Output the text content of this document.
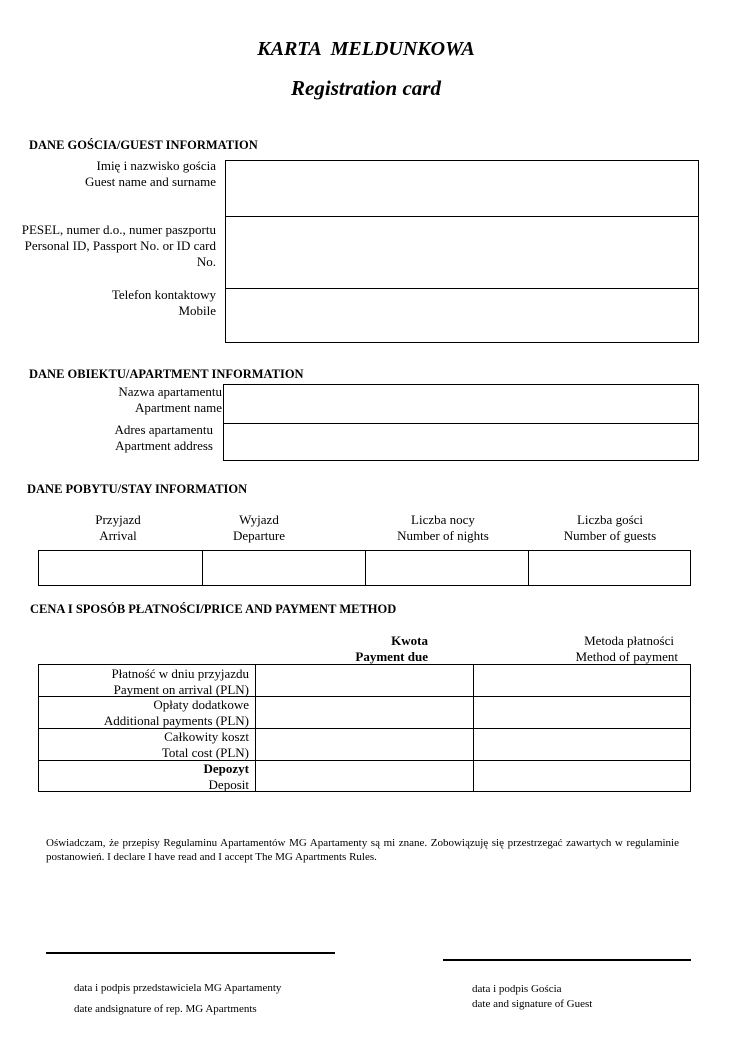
KARTA MELDUNKOWA
Registration card
DANE GOŚCIA/GUEST INFORMATION
Imię i nazwisko gościa
Guest name and surname
PESEL, numer d.o., numer paszportu
Personal ID, Passport No. or ID card
No.
Telefon kontaktowy
Mobile
DANE OBIEKTU/APARTMENT INFORMATION
Nazwa apartamentu
Apartment name
Adres apartamentu
Apartment address
DANE POBYTU/STAY INFORMATION
Przyjazd
Arrival
Wyjazd
Departure
Liczba nocy
Number of nights
Liczba gości
Number of guests
CENA I SPOSÓB PŁATNOŚCI/PRICE AND PAYMENT METHOD
Kwota
Payment due
Metoda płatności
Method of payment
Płatność w dniu przyjazdu
Payment on arrival (PLN)
Opłaty dodatkowe
Additional payments (PLN)
Całkowity koszt
Total cost (PLN)
Depozyt
Deposit
Oświadczam, że przepisy Regulaminu Apartamentów MG Apartamenty są mi znane. Zobowiązuję się przestrzegać zawartych w regulaminie postanowień. I declare I have read and I accept The MG Apartments Rules.
data i podpis przedstawiciela MG Apartamenty
date andsignature of rep. MG Apartments
data i podpis Gościa
date and signature of Guest
